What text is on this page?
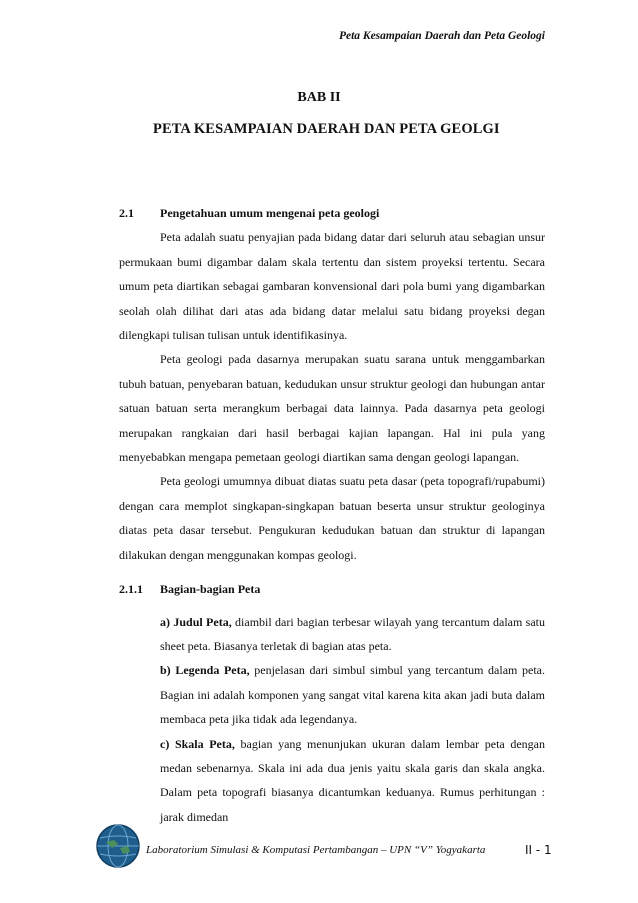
Peta Kesampaian Daerah dan Peta Geologi
BAB II
PETA KESAMPAIAN DAERAH DAN PETA GEOLGI
2.1	Pengetahuan umum mengenai peta geologi

Peta adalah suatu penyajian pada bidang datar dari seluruh atau sebagian unsur permukaan bumi digambar dalam skala tertentu dan sistem proyeksi tertentu. Secara umum peta diartikan sebagai gambaran konvensional dari pola bumi yang digambarkan seolah olah dilihat dari atas ada bidang datar melalui satu bidang proyeksi degan dilengkapi tulisan tulisan untuk identifikasinya.

Peta geologi pada dasarnya merupakan suatu sarana untuk menggambarkan tubuh batuan, penyebaran batuan, kedudukan unsur struktur geologi dan hubungan antar satuan batuan serta merangkum berbagai data lainnya. Pada dasarnya peta geologi merupakan rangkaian dari hasil berbagai kajian lapangan. Hal ini pula yang menyebabkan mengapa pemetaan geologi diartikan sama dengan geologi lapangan.

Peta geologi umumnya dibuat diatas suatu peta dasar (peta topografi/rupabumi) dengan cara memplot singkapan-singkapan batuan beserta unsur struktur geologinya diatas peta dasar tersebut. Pengukuran kedudukan batuan dan struktur di lapangan dilakukan dengan menggunakan kompas geologi.

2.1.1	Bagian-bagian Peta

a) Judul Peta, diambil dari bagian terbesar wilayah yang tercantum dalam satu sheet peta. Biasanya terletak di bagian atas peta.

b) Legenda Peta, penjelasan dari simbul simbul yang tercantum dalam peta. Bagian ini adalah komponen yang sangat vital karena kita akan jadi buta dalam membaca peta jika tidak ada legendanya.

c) Skala Peta, bagian yang menunjukan ukuran dalam lembar peta dengan medan sebenarnya. Skala ini ada dua jenis yaitu skala garis dan skala angka. Dalam peta topografi biasanya dicantumkan keduanya. Rumus perhitungan : jarak dimedan

Laboratorium Simulasi & Komputasi Pertambangan – UPN “V” Yogyakarta	II - 1
